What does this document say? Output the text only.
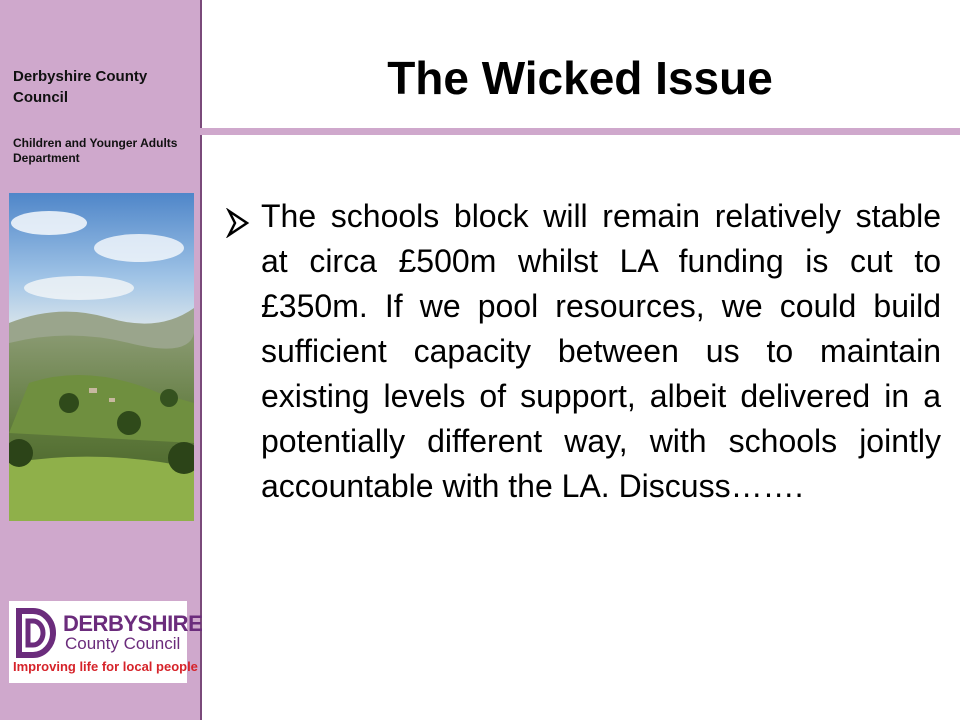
Derbyshire County Council
Children and Younger Adults Department
DERBYSHIRE
County Council
Improving life for local people
The Wicked Issue
The schools block will remain relatively stable at circa £500m whilst LA funding is cut to £350m. If we pool resources, we could build sufficient capacity between us to maintain existing levels of support, albeit delivered in a potentially different way, with schools jointly accountable with the LA. Discuss…….
